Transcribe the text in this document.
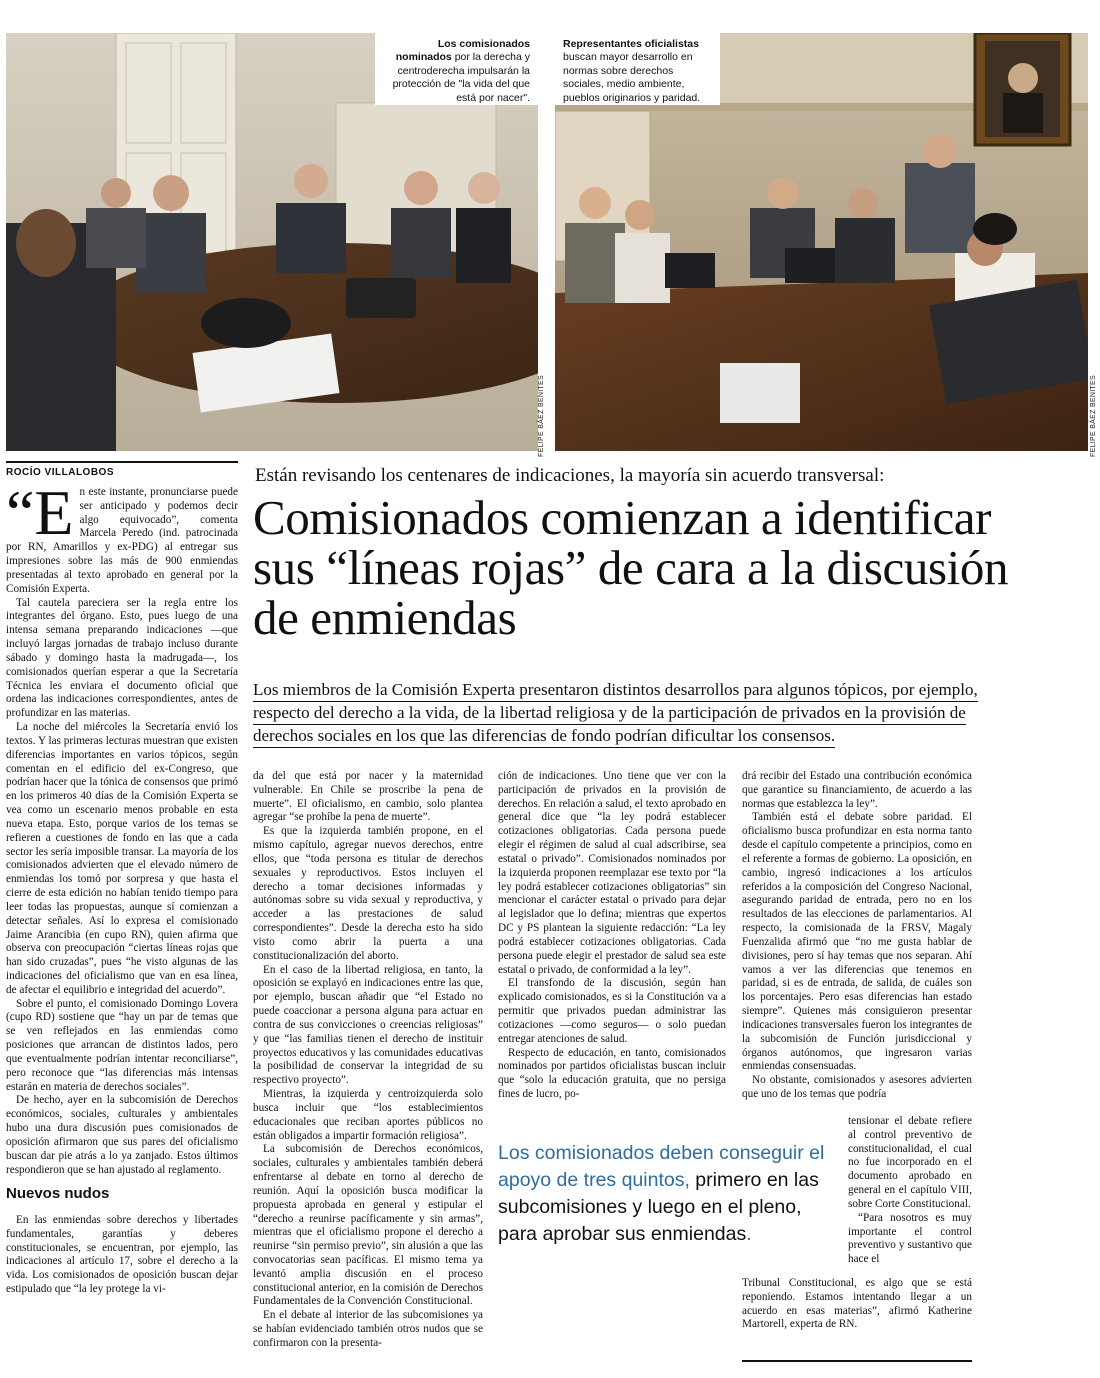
Los comisionados nominados por la derecha y centroderecha impulsarán la protección de "la vida del que está por nacer".
FELIPE BÁEZ BENITES
Representantes oficialistas buscan mayor desarrollo en normas sobre derechos sociales, medio ambiente, pueblos originarios y paridad.
FELIPE BÁEZ BENITES
ROCÍO VILLALOBOS	Están revisando los centenares de indicaciones, la mayoría sin acuerdo transversal:
Comisionados comienzan a identificar sus “líneas rojas” de cara a la discusión de enmiendas
Los miembros de la Comisión Experta presentaron distintos desarrollos para algunos tópicos, por ejemplo,
respecto del derecho a la vida, de la libertad religiosa y de la participación de privados en la provisión de
derechos sociales en los que las diferencias de fondo podrían dificultar los consensos.
“E n este instante, pronunciarse puede ser anticipado y podemos decir algo equivocado”, comenta Marcela Peredo (ind. patrocinada por RN, Amarillos y ex-PDG) al entregar sus impresiones sobre las más de 900 enmiendas presentadas al texto aprobado en general por la Comisión Experta.

Tal cautela pareciera ser la regla entre los integrantes del órgano. Esto, pues luego de una intensa semana preparando indicaciones —que incluyó largas jornadas de trabajo incluso durante sábado y domingo hasta la madrugada—, los comisionados querían esperar a que la Secretaría Técnica les enviara el documento oficial que ordena las indicaciones correspondientes, antes de profundizar en las materias.

La noche del miércoles la Secretaría envió los textos. Y las primeras lecturas muestran que existen diferencias importantes en varios tópicos, según comentan en el edificio del ex-Congreso, que podrían hacer que la tónica de consensos que primó en los primeros 40 días de la Comisión Experta se vea como un escenario menos probable en esta nueva etapa. Esto, porque varios de los temas se refieren a cuestiones de fondo en las que a cada sector les sería imposible transar. La mayoría de los comisionados advierten que el elevado número de enmiendas los tomó por sorpresa y que hasta el cierre de esta edición no habían tenido tiempo para leer todas las propuestas, aunque sí comienzan a detectar señales. Así lo expresa el comisionado Jaime Arancibia (en cupo RN), quien afirma que observa con preocupación “ciertas líneas rojas que han sido cruzadas”, pues “he visto algunas de las indicaciones del oficialismo que van en esa línea, de afectar el equilibrio e integridad del acuerdo”.

Sobre el punto, el comisionado Domingo Lovera (cupo RD) sostiene que “hay un par de temas que se ven reflejados en las enmiendas como posiciones que arrancan de distintos lados, pero que eventualmente podrían intentar reconciliarse”, pero reconoce que “las diferencias más intensas estarán en materia de derechos sociales”.

De hecho, ayer en la subcomisión de Derechos económicos, sociales, culturales y ambientales hubo una dura discusión pues comisionados de oposición afirmaron que sus pares del oficialismo buscan dar pie atrás a lo ya zanjado. Estos últimos respondieron que se han ajustado al reglamento.

Nuevos nudos

En las enmiendas sobre derechos y libertades fundamentales, garantías y deberes constitucionales, se encuentran, por ejemplo, las indicaciones al artículo 17, sobre el derecho a la vida. Los comisionados de oposición buscan dejar estipulado que “la ley protege la vi-

da del que está por nacer y la maternidad vulnerable. En Chile se proscribe la pena de muerte”. El oficialismo, en cambio, solo plantea agregar “se prohíbe la pena de muerte”.

Es que la izquierda también propone, en el mismo capítulo, agregar nuevos derechos, entre ellos, que “toda persona es titular de derechos sexuales y reproductivos. Estos incluyen el derecho a tomar decisiones informadas y autónomas sobre su vida sexual y reproductiva, y acceder a las prestaciones de salud correspondientes”. Desde la derecha esto ha sido visto como abrir la puerta a una constitucionalización del aborto.

En el caso de la libertad religiosa, en tanto, la oposición se explayó en indicaciones entre las que, por ejemplo, buscan añadir que “el Estado no puede coaccionar a persona alguna para actuar en contra de sus convicciones o creencias religiosas” y que “las familias tienen el derecho de instituir proyectos educativos y las comunidades educativas la posibilidad de conservar la integridad de su respectivo proyecto”.

Mientras, la izquierda y centroizquierda solo busca incluir que “los establecimientos educacionales que reciban aportes públicos no están obligados a impartir formación religiosa”.

La subcomisión de Derechos económicos, sociales, culturales y ambientales también deberá enfrentarse al debate en torno al derecho de reunión. Aquí la oposición busca modificar la propuesta aprobada en general y estipular el “derecho a reunirse pacíficamente y sin armas”, mientras que el oficialismo propone el derecho a reunirse “sin permiso previo”, sin alusión a que las convocatorias sean pacíficas. El mismo tema ya levantó amplia discusión en el proceso constitucional anterior, en la comisión de Derechos Fundamentales de la Convención Constitucional.

En el debate al interior de las subcomisiones ya se habían evidenciado también otros nudos que se confirmaron con la presenta-

ción de indicaciones. Uno tiene que ver con la participación de privados en la provisión de derechos. En relación a salud, el texto aprobado en general dice que “la ley podrá establecer cotizaciones obligatorias. Cada persona puede elegir el régimen de salud al cual adscribirse, sea estatal o privado”. Comisionados nominados por la izquierda proponen reemplazar ese texto por “la ley podrá establecer cotizaciones obligatorias” sin mencionar el carácter estatal o privado para dejar al legislador que lo defina; mientras que expertos DC y PS plantean la siguiente redacción: “La ley podrá establecer cotizaciones obligatorias. Cada persona puede elegir el prestador de salud sea este estatal o privado, de conformidad a la ley”.

El transfondo de la discusión, según han explicado comisionados, es si la Constitución va a permitir que privados puedan administrar las cotizaciones —como seguros— o solo puedan entregar atenciones de salud.

Respecto de educación, en tanto, comisionados nominados por partidos oficialistas buscan incluir que “solo la educación gratuita, que no persiga fines de lucro, po-

drá recibir del Estado una contribución económica que garantice su financiamiento, de acuerdo a las normas que establezca la ley”.

También está el debate sobre paridad. El oficialismo busca profundizar en esta norma tanto desde el capítulo competente a principios, como en el referente a formas de gobierno. La oposición, en cambio, ingresó indicaciones a los artículos referidos a la composición del Congreso Nacional, asegurando paridad de entrada, pero no en los resultados de las elecciones de parlamentarios. Al respecto, la comisionada de la FRSV, Magaly Fuenzalida afirmó que “no me gusta hablar de divisiones, pero sí hay temas que nos separan. Ahí vamos a ver las diferencias que tenemos en paridad, si es de entrada, de salida, de cuáles son los porcentajes. Pero esas diferencias han estado siempre”. Quienes más consiguieron presentar indicaciones transversales fueron los integrantes de la subcomisión de Función jurisdiccional y órganos autónomos, que ingresaron varias enmiendas consensuadas.

No obstante, comisionados y asesores advierten que uno de los temas que podría

tensionar el debate refiere al control preventivo de constitucionalidad, el cual no fue incorporado en el documento aprobado en general en el capítulo VIII, sobre Corte Constitucional.

“Para nosotros es muy importante el control preventivo y sustantivo que hace el

Tribunal Constitucional, es algo que se está reponiendo. Estamos intentando llegar a un acuerdo en esas materias”, afirmó Katherine Martorell, experta de RN.

Los comisionados deben conseguir el apoyo de tres quintos, primero en las subcomisiones y luego en el pleno, para aprobar sus enmiendas.
